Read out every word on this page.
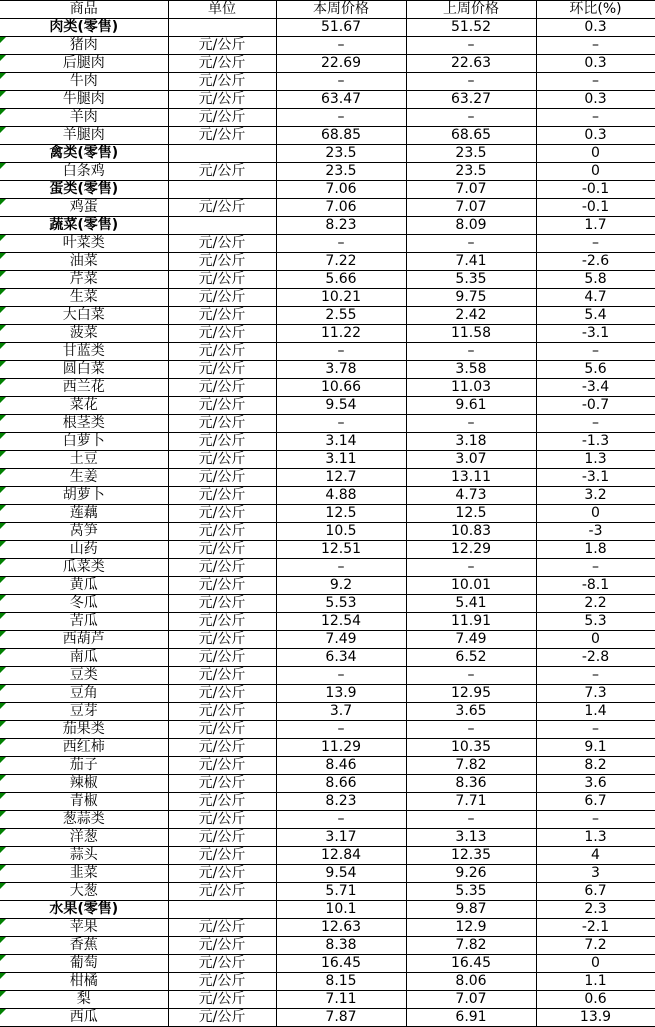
商品	单位	本周价格	上周价格	环比(%)
肉类(零售)		51.67	51.52	0.3

猪肉	元/公斤	–	–	–

后腿肉	元/公斤	22.69	22.63	0.3

牛肉	元/公斤	–	–	–

牛腿肉	元/公斤	63.47	63.27	0.3

羊肉	元/公斤	–	–	–

羊腿肉	元/公斤	68.85	68.65	0.3
禽类(零售)		23.5	23.5	0

白条鸡	元/公斤	23.5	23.5	0
蛋类(零售)		7.06	7.07	-0.1

鸡蛋	元/公斤	7.06	7.07	-0.1
蔬菜(零售)		8.23	8.09	1.7

叶菜类	元/公斤	–	–	–

油菜	元/公斤	7.22	7.41	-2.6

芹菜	元/公斤	5.66	5.35	5.8

生菜	元/公斤	10.21	9.75	4.7

大白菜	元/公斤	2.55	2.42	5.4

菠菜	元/公斤	11.22	11.58	-3.1

甘蓝类	元/公斤	–	–	–

圆白菜	元/公斤	3.78	3.58	5.6

西兰花	元/公斤	10.66	11.03	-3.4

菜花	元/公斤	9.54	9.61	-0.7

根茎类	元/公斤	–	–	–

白萝卜	元/公斤	3.14	3.18	-1.3

土豆	元/公斤	3.11	3.07	1.3

生姜	元/公斤	12.7	13.11	-3.1

胡萝卜	元/公斤	4.88	4.73	3.2

莲藕	元/公斤	12.5	12.5	0

莴笋	元/公斤	10.5	10.83	-3

山药	元/公斤	12.51	12.29	1.8

瓜菜类	元/公斤	–	–	–

黄瓜	元/公斤	9.2	10.01	-8.1

冬瓜	元/公斤	5.53	5.41	2.2

苦瓜	元/公斤	12.54	11.91	5.3

西葫芦	元/公斤	7.49	7.49	0

南瓜	元/公斤	6.34	6.52	-2.8

豆类	元/公斤	–	–	–

豆角	元/公斤	13.9	12.95	7.3

豆芽	元/公斤	3.7	3.65	1.4

茄果类	元/公斤	–	–	–

西红柿	元/公斤	11.29	10.35	9.1

茄子	元/公斤	8.46	7.82	8.2

辣椒	元/公斤	8.66	8.36	3.6

青椒	元/公斤	8.23	7.71	6.7

葱蒜类	元/公斤	–	–	–

洋葱	元/公斤	3.17	3.13	1.3

蒜头	元/公斤	12.84	12.35	4

韭菜	元/公斤	9.54	9.26	3

大葱	元/公斤	5.71	5.35	6.7
水果(零售)		10.1	9.87	2.3

苹果	元/公斤	12.63	12.9	-2.1

香蕉	元/公斤	8.38	7.82	7.2

葡萄	元/公斤	16.45	16.45	0

柑橘	元/公斤	8.15	8.06	1.1

梨	元/公斤	7.11	7.07	0.6

西瓜	元/公斤	7.87	6.91	13.9
